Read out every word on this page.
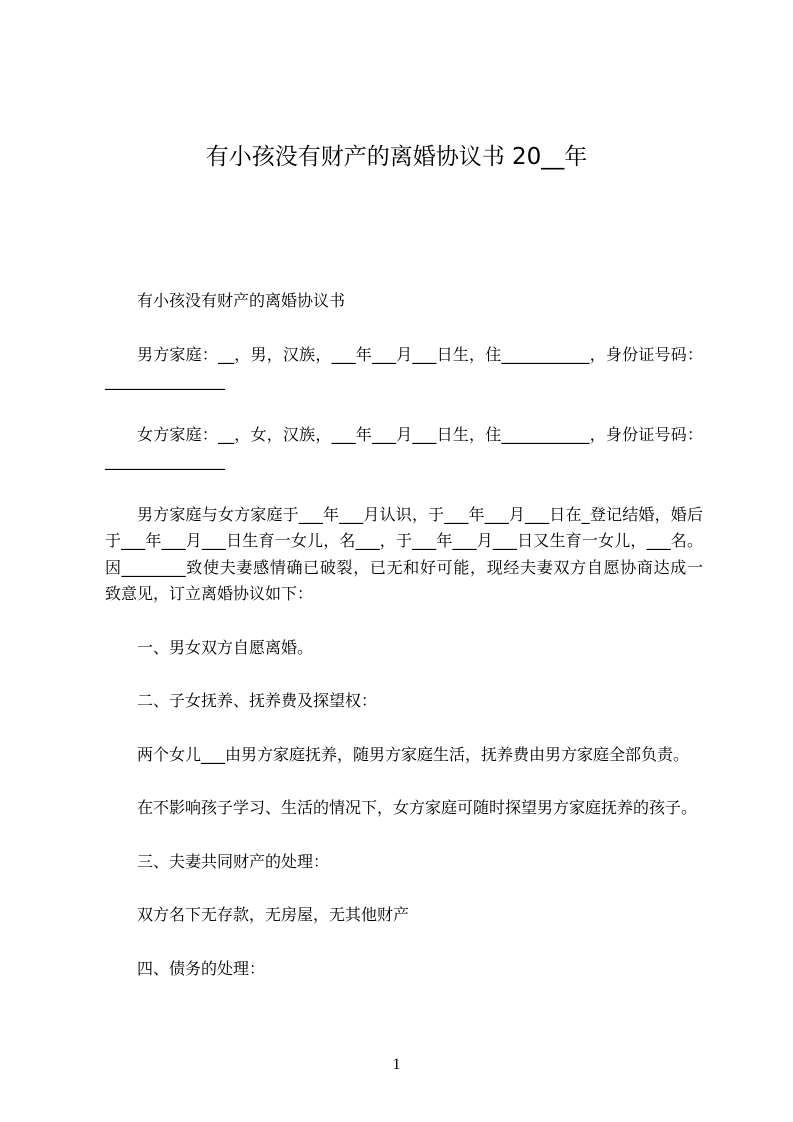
有小孩没有财产的离婚协议书 20__年
有小孩没有财产的离婚协议书
男方家庭：__，男，汉族，___年___月___日生，住___________，身份证号码：
_______________
女方家庭：__，女，汉族，___年___月___日生，住___________，身份证号码：
_______________
男方家庭与女方家庭于___年___月认识，于___年___月___日在_登记结婚，婚后
于___年___月___日生育一女儿，名___，于___年___月___日又生育一女儿，___名。
因________致使夫妻感情确已破裂，已无和好可能，现经夫妻双方自愿协商达成一
致意见，订立离婚协议如下：
一、男女双方自愿离婚。
二、子女抚养、抚养费及探望权：
两个女儿___由男方家庭抚养，随男方家庭生活，抚养费由男方家庭全部负责。
在不影响孩子学习、生活的情况下，女方家庭可随时探望男方家庭抚养的孩子。
三、夫妻共同财产的处理：
双方名下无存款，无房屋，无其他财产
四、债务的处理：
1
